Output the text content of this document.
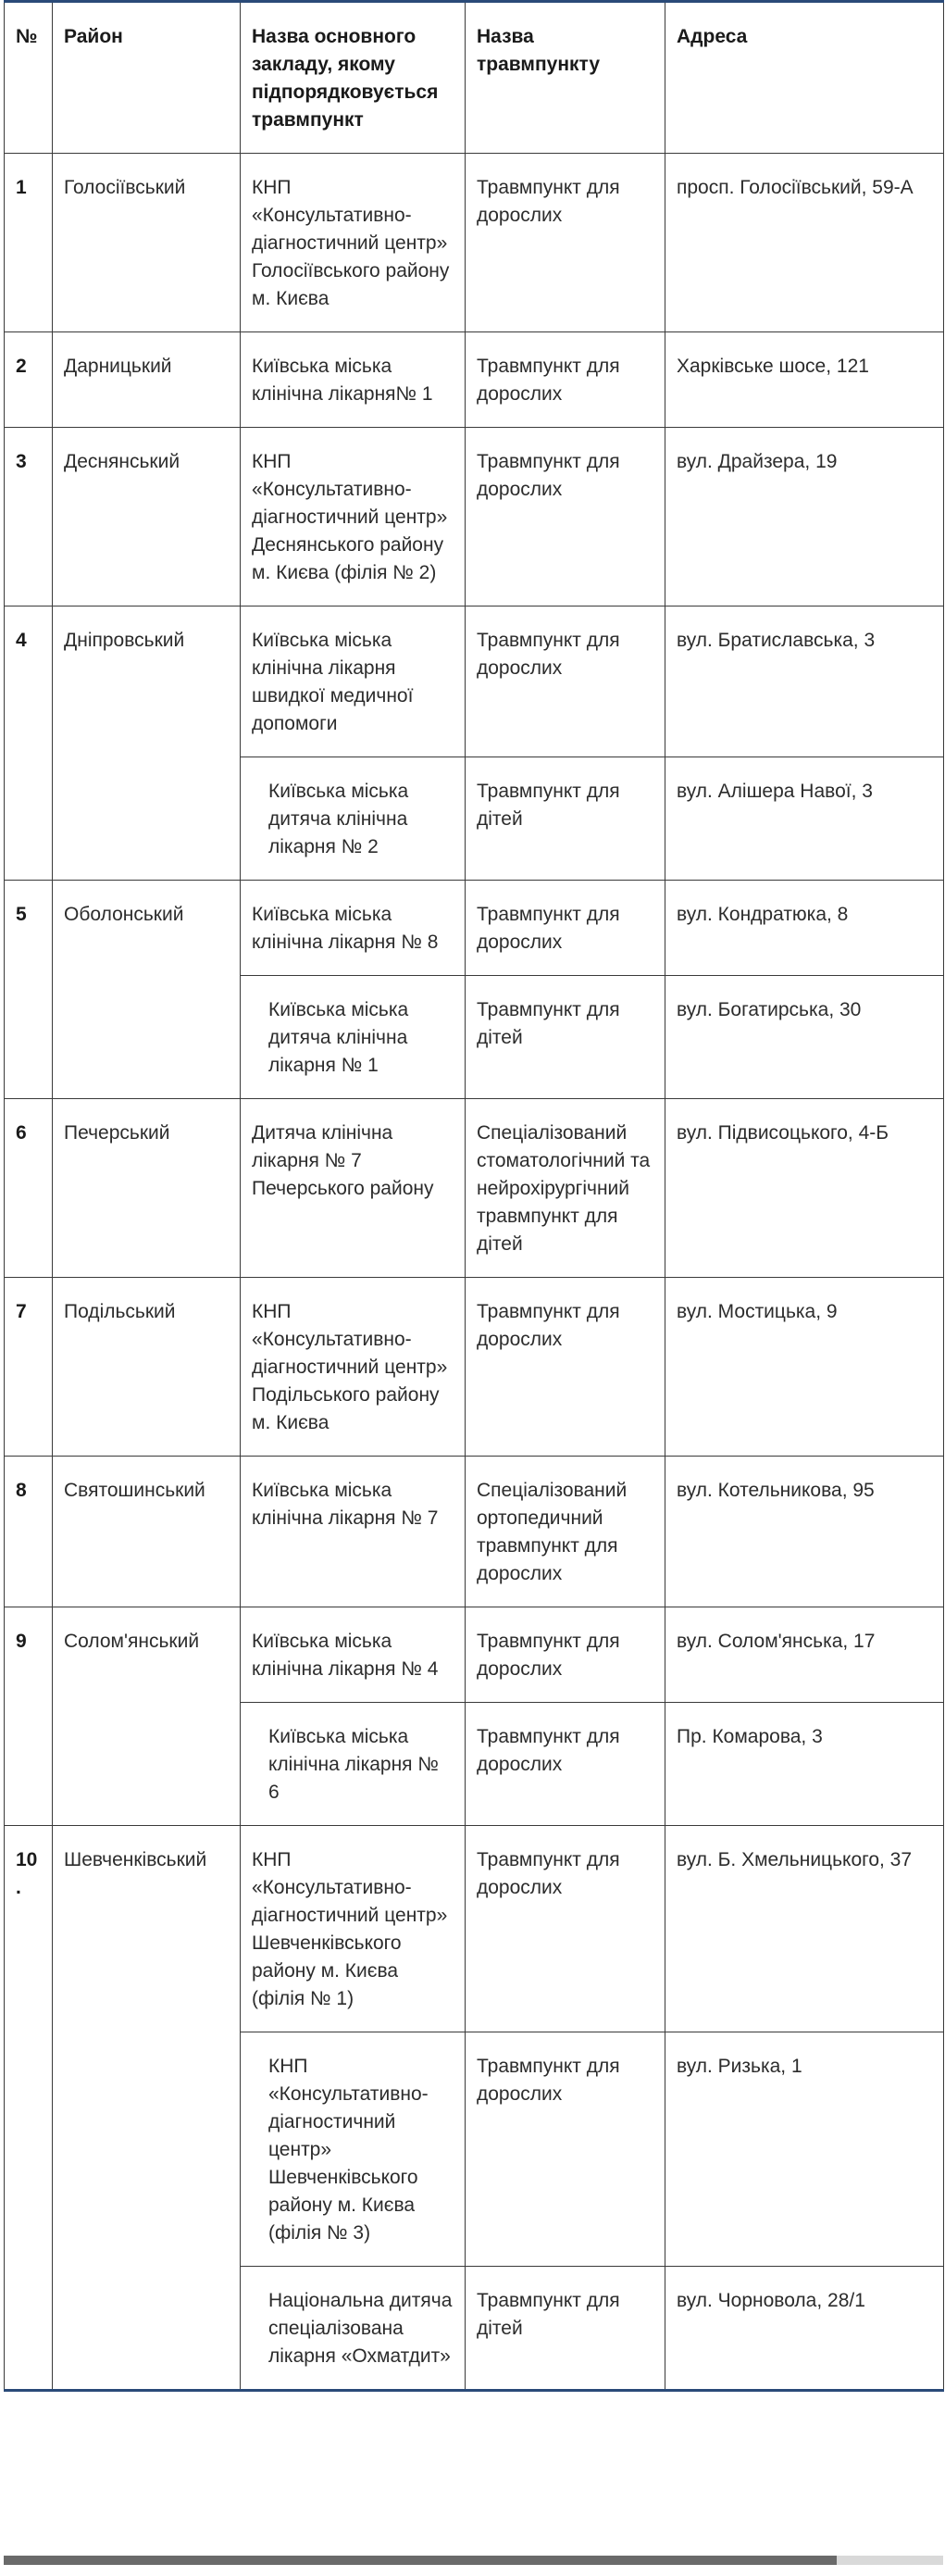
№	Район	Назва основного закладу, якому підпорядковується травмпункт	Назва травмпункту	Адреса
1	Голосіївський	КНП «Консультативно-діагностичний центр» Голосіївського району м. Києва	Травмпункт для дорослих	просп. Голосіївський, 59-А
2	Дарницький	Київська міська клінічна лікарня№ 1	Травмпункт для дорослих	Харківське шосе, 121
3	Деснянський	КНП «Консультативно-діагностичний центр» Деснянського району м. Києва (філія № 2)	Травмпункт для дорослих	вул. Драйзера, 19
4	Дніпровський	Київська міська клінічна лікарня швидкої медичної допомоги	Травмпункт для дорослих	вул. Братиславська, 3
		Київська міська дитяча клінічна лікарня № 2	Травмпункт для дітей	вул. Алішера Навої, 3
5	Оболонський	Київська міська клінічна лікарня № 8	Травмпункт для дорослих	вул. Кондратюка, 8
		Київська міська дитяча клінічна лікарня № 1	Травмпункт для дітей	вул. Богатирська, 30
6	Печерський	Дитяча клінічна лікарня № 7 Печерського району	Спеціалізований стоматологічний та нейрохірургічний травмпункт для дітей	вул. Підвисоцького, 4-Б
7	Подільський	КНП «Консультативно-діагностичний центр» Подільського району м. Києва	Травмпункт для дорослих	вул. Мостицька, 9
8	Святошинський	Київська міська клінічна лікарня № 7	Спеціалізований ортопедичний травмпункт для дорослих	вул. Котельникова, 95
9	Солом'янський	Київська міська клінічна лікарня № 4	Травмпункт для дорослих	вул. Солом'янська, 17
		Київська міська клінічна лікарня № 6	Травмпункт для дорослих	Пр. Комарова, 3
10.	Шевченківський	КНП «Консультативно-діагностичний центр» Шевченківського району м. Києва (філія № 1)	Травмпункт для дорослих	вул. Б. Хмельницького, 37
		КНП «Консультативно-діагностичний центр» Шевченківського району м. Києва (філія № 3)	Травмпункт для дорослих	вул. Ризька, 1
		Національна дитяча спеціалізована лікарня «Охматдит»	Травмпункт для дітей	вул. Чорновола, 28/1
